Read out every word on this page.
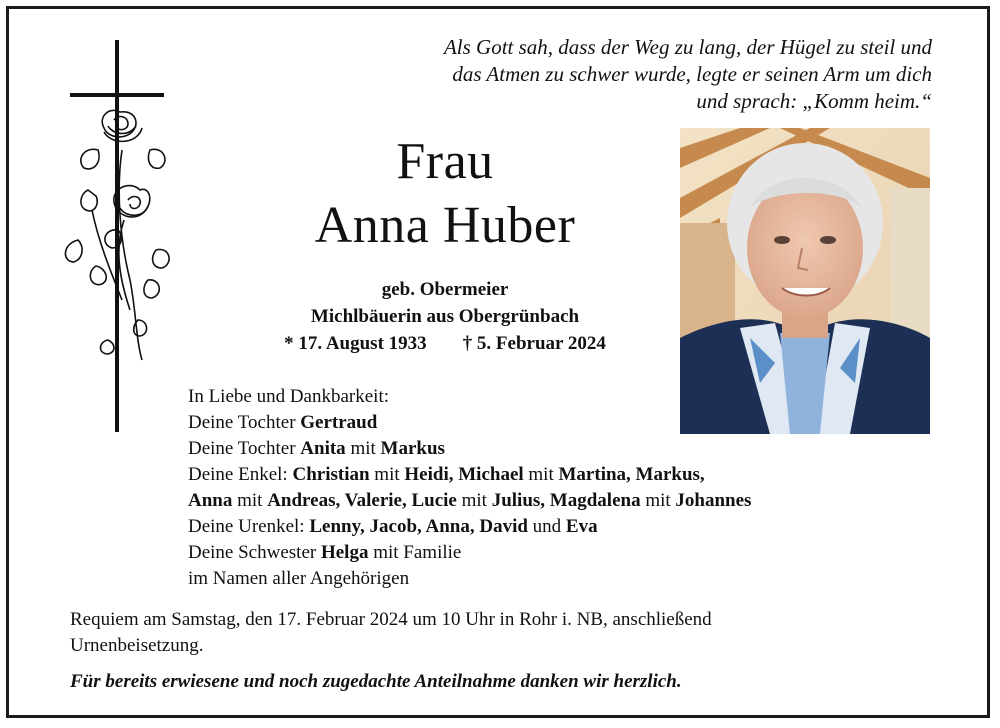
Als Gott sah, dass der Weg zu lang, der Hügel zu steil und
das Atmen zu schwer wurde, legte er seinen Arm um dich
und sprach: „Komm heim.“
Frau
Anna Huber
geb. Obermeier
Michlbäuerin aus Obergrünbach
* 17. August 1933 † 5. Februar 2024
In Liebe und Dankbarkeit:
Deine Tochter Gertraud
Deine Tochter Anita mit Markus
Deine Enkel: Christian mit Heidi, Michael mit Martina, Markus,
Anna mit Andreas, Valerie, Lucie mit Julius, Magdalena mit Johannes
Deine Urenkel: Lenny, Jacob, Anna, David und Eva
Deine Schwester Helga mit Familie
im Namen aller Angehörigen
Requiem am Samstag, den 17. Februar 2024 um 10 Uhr in Rohr i. NB, anschließend
Urnenbeisetzung.
Für bereits erwiesene und noch zugedachte Anteilnahme danken wir herzlich.
